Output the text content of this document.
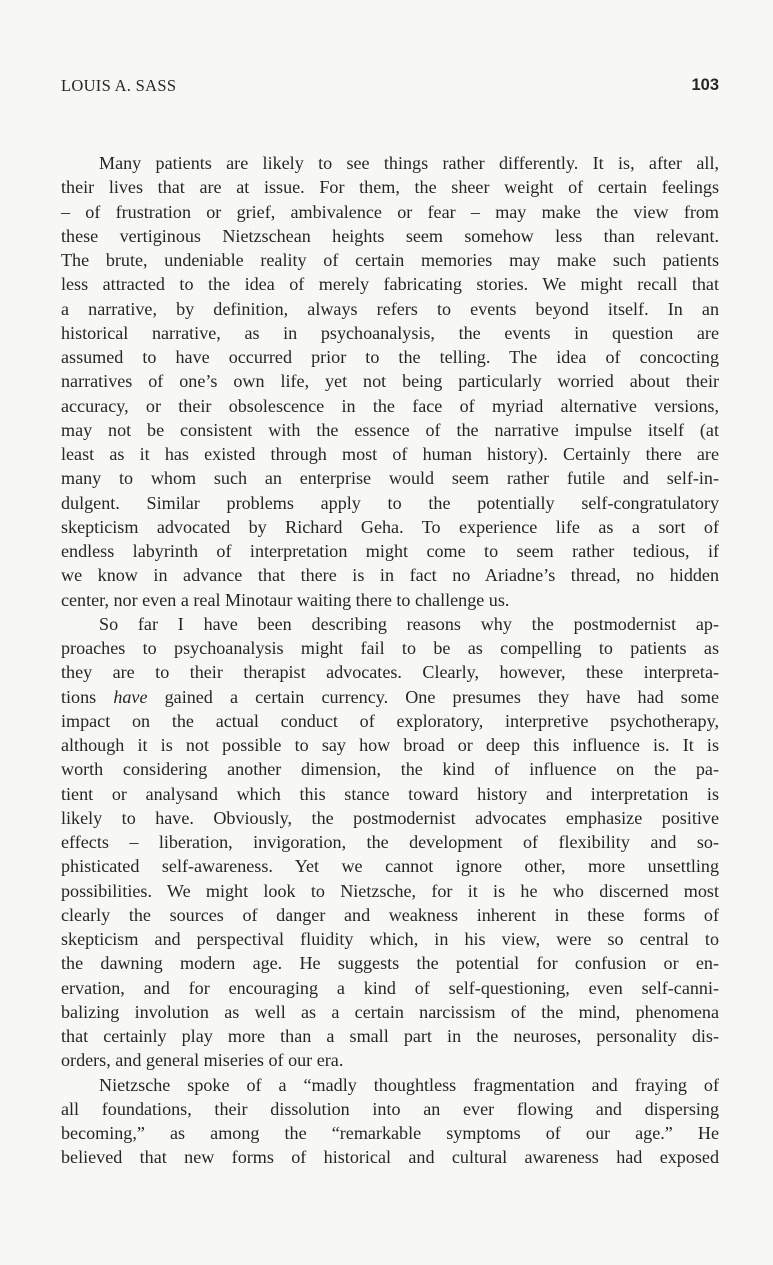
LOUIS A. SASS	103
Many patients are likely to see things rather differently. It is, after all,
their lives that are at issue. For them, the sheer weight of certain feelings
– of frustration or grief, ambivalence or fear – may make the view from
these vertiginous Nietzschean heights seem somehow less than relevant.
The brute, undeniable reality of certain memories may make such patients
less attracted to the idea of merely fabricating stories. We might recall that
a narrative, by definition, always refers to events beyond itself. In an
historical narrative, as in psychoanalysis, the events in question are
assumed to have occurred prior to the telling. The idea of concocting
narratives of one’s own life, yet not being particularly worried about their
accuracy, or their obsolescence in the face of myriad alternative versions,
may not be consistent with the essence of the narrative impulse itself (at
least as it has existed through most of human history). Certainly there are
many to whom such an enterprise would seem rather futile and self-in-
dulgent. Similar problems apply to the potentially self-congratulatory
skepticism advocated by Richard Geha. To experience life as a sort of
endless labyrinth of interpretation might come to seem rather tedious, if
we know in advance that there is in fact no Ariadne’s thread, no hidden
center, nor even a real Minotaur waiting there to challenge us.
So far I have been describing reasons why the postmodernist ap-
proaches to psychoanalysis might fail to be as compelling to patients as
they are to their therapist advocates. Clearly, however, these interpreta-
tions have gained a certain currency. One presumes they have had some
impact on the actual conduct of exploratory, interpretive psychotherapy,
although it is not possible to say how broad or deep this influence is. It is
worth considering another dimension, the kind of influence on the pa-
tient or analysand which this stance toward history and interpretation is
likely to have. Obviously, the postmodernist advocates emphasize positive
effects – liberation, invigoration, the development of flexibility and so-
phisticated self-awareness. Yet we cannot ignore other, more unsettling
possibilities. We might look to Nietzsche, for it is he who discerned most
clearly the sources of danger and weakness inherent in these forms of
skepticism and perspectival fluidity which, in his view, were so central to
the dawning modern age. He suggests the potential for confusion or en-
ervation, and for encouraging a kind of self-questioning, even self-canni-
balizing involution as well as a certain narcissism of the mind, phenomena
that certainly play more than a small part in the neuroses, personality dis-
orders, and general miseries of our era.
Nietzsche spoke of a “madly thoughtless fragmentation and fraying of
all foundations, their dissolution into an ever flowing and dispersing
becoming,” as among the “remarkable symptoms of our age.” He
believed that new forms of historical and cultural awareness had exposed
